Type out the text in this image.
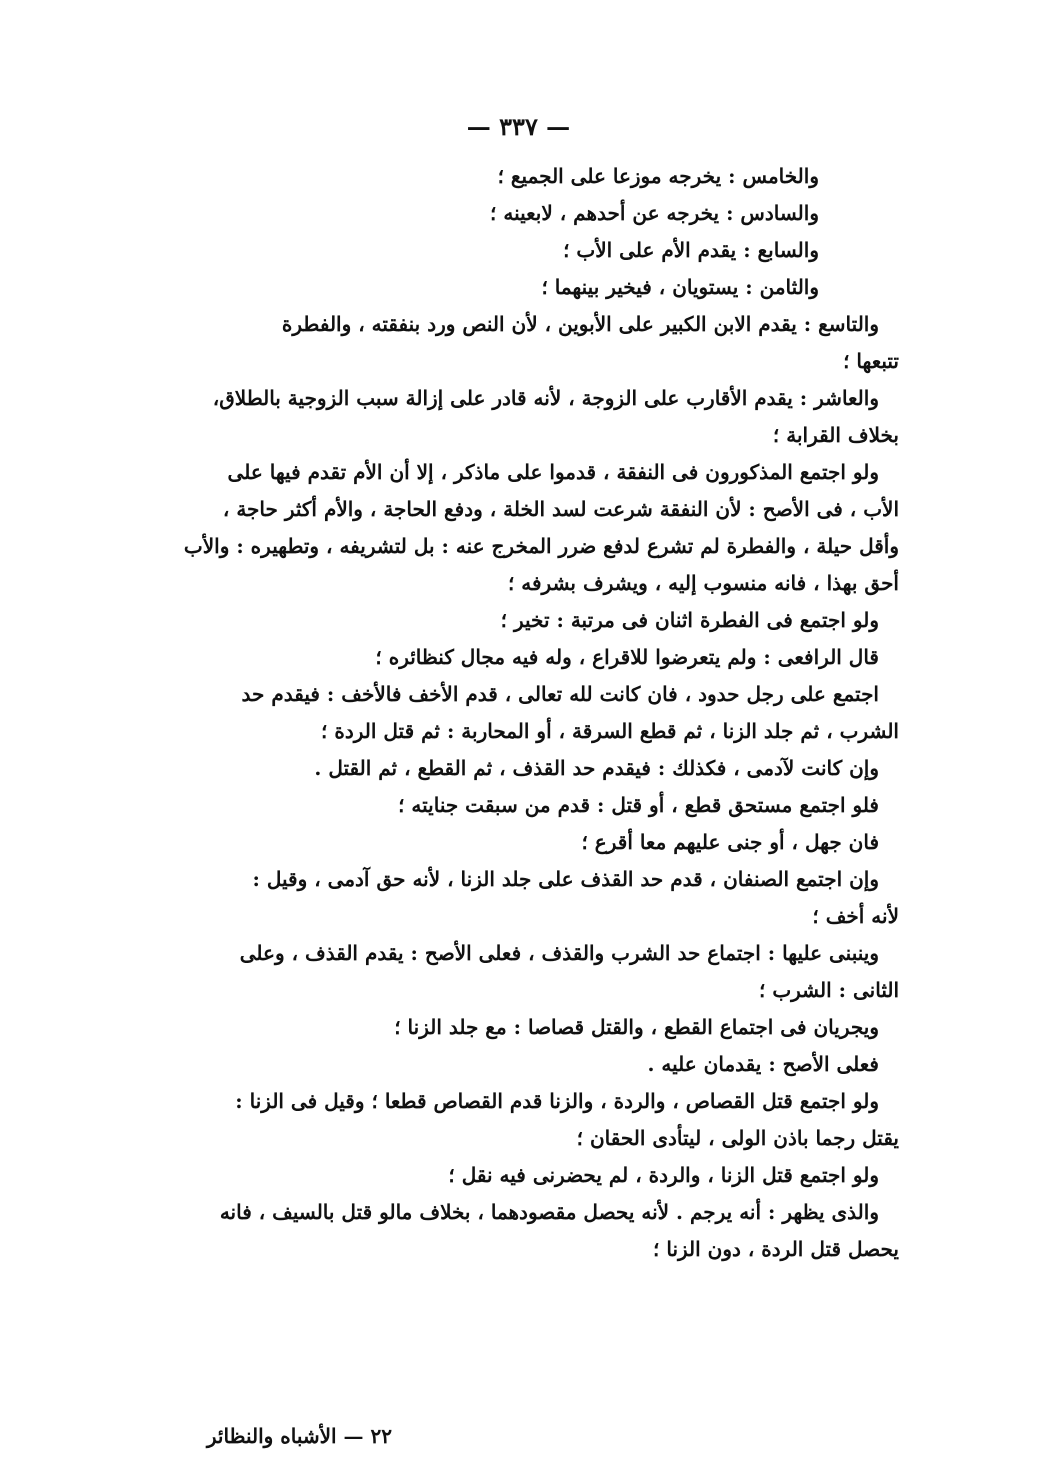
— ٣٣٧ —
والخامس : يخرجه موزعا على الجميع ؛
والسادس : يخرجه عن أحدهم ، لابعينه ؛
والسابع : يقدم الأم على الأب ؛
والثامن : يستويان ، فيخير بينهما ؛
والتاسع : يقدم الابن الكبير على الأبوين ، لأن النص ورد بنفقته ، والفطرة
تتبعها ؛
والعاشر : يقدم الأقارب على الزوجة ، لأنه قادر على إزالة سبب الزوجية بالطلاق،
بخلاف القرابة ؛
ولو اجتمع المذكورون فى النفقة ، قدموا على ماذكر ، إلا أن الأم تقدم فيها على
الأب ، فى الأصح : لأن النفقة شرعت لسد الخلة ، ودفع الحاجة ، والأم أكثر حاجة ،
وأقل حيلة ، والفطرة لم تشرع لدفع ضرر المخرج عنه : بل لتشريفه ، وتطهيره : والأب
أحق بهذا ، فانه منسوب إليه ، ويشرف بشرفه ؛
ولو اجتمع فى الفطرة اثنان فى مرتبة : تخير ؛
قال الرافعى : ولم يتعرضوا للاقراع ، وله فيه مجال كنظائره ؛
اجتمع على رجل حدود ، فان كانت لله تعالى ، قدم الأخف فالأخف : فيقدم حد
الشرب ، ثم جلد الزنا ، ثم قطع السرقة ، أو المحاربة : ثم قتل الردة ؛
وإن كانت لآدمى ، فكذلك : فيقدم حد القذف ، ثم القطع ، ثم القتل .
فلو اجتمع مستحق قطع ، أو قتل : قدم من سبقت جنايته ؛
فان جهل ، أو جنى عليهم معا أقرع ؛
وإن اجتمع الصنفان ، قدم حد القذف على جلد الزنا ، لأنه حق آدمى ، وقيل :
لأنه أخف ؛
وينبنى عليها : اجتماع حد الشرب والقذف ، فعلى الأصح : يقدم القذف ، وعلى
الثانى : الشرب ؛
ويجريان فى اجتماع القطع ، والقتل قصاصا : مع جلد الزنا ؛
فعلى الأصح : يقدمان عليه .
ولو اجتمع قتل القصاص ، والردة ، والزنا قدم القصاص قطعا ؛ وقيل فى الزنا :
يقتل رجما باذن الولى ، ليتأدى الحقان ؛
ولو اجتمع قتل الزنا ، والردة ، لم يحضرنى فيه نقل ؛
والذى يظهر : أنه يرجم . لأنه يحصل مقصودهما ، بخلاف مالو قتل بالسيف ، فانه
يحصل قتل الردة ، دون الزنا ؛
٢٢ — الأشباه والنظائر
